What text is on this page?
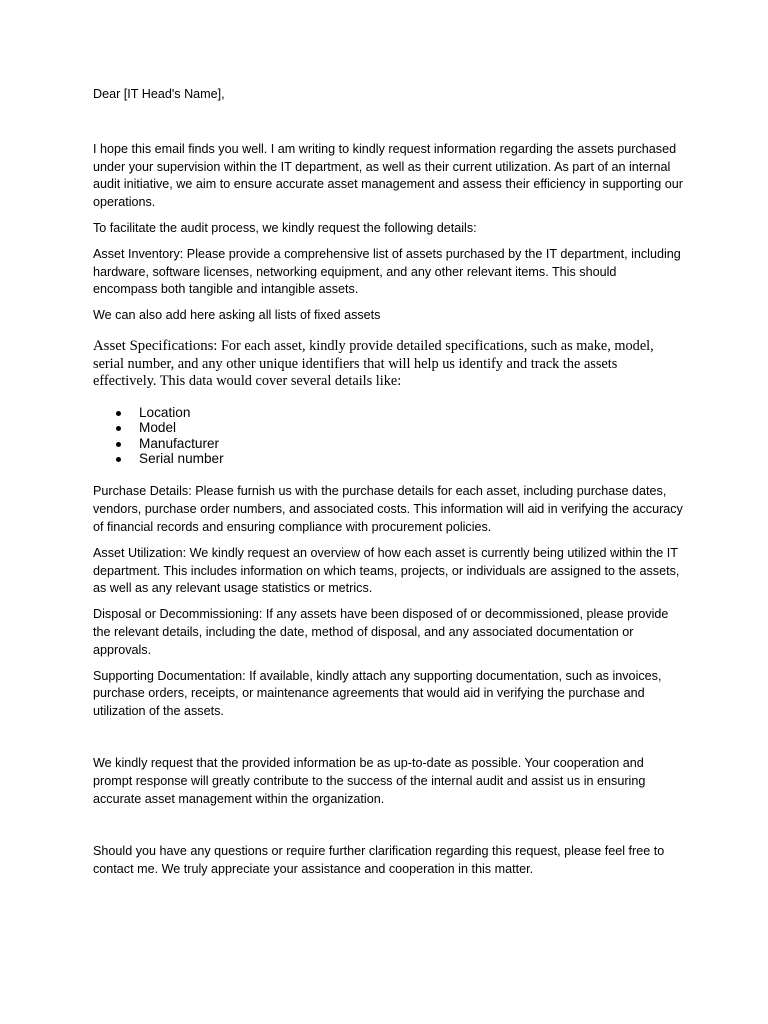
Dear [IT Head's Name],

I hope this email finds you well. I am writing to kindly request information regarding the assets purchased under your supervision within the IT department, as well as their current utilization. As part of an internal audit initiative, we aim to ensure accurate asset management and assess their efficiency in supporting our operations.

To facilitate the audit process, we kindly request the following details:

Asset Inventory: Please provide a comprehensive list of assets purchased by the IT department, including hardware, software licenses, networking equipment, and any other relevant items. This should encompass both tangible and intangible assets.

We can also add here asking all lists of fixed assets

Asset Specifications: For each asset, kindly provide detailed specifications, such as make, model, serial number, and any other unique identifiers that will help us identify and track the assets effectively. This data would cover several details like:

Location
Model
Manufacturer
Serial number

Purchase Details: Please furnish us with the purchase details for each asset, including purchase dates, vendors, purchase order numbers, and associated costs. This information will aid in verifying the accuracy of financial records and ensuring compliance with procurement policies.

Asset Utilization: We kindly request an overview of how each asset is currently being utilized within the IT department. This includes information on which teams, projects, or individuals are assigned to the assets, as well as any relevant usage statistics or metrics.

Disposal or Decommissioning: If any assets have been disposed of or decommissioned, please provide the relevant details, including the date, method of disposal, and any associated documentation or approvals.

Supporting Documentation: If available, kindly attach any supporting documentation, such as invoices, purchase orders, receipts, or maintenance agreements that would aid in verifying the purchase and utilization of the assets.

We kindly request that the provided information be as up-to-date as possible. Your cooperation and prompt response will greatly contribute to the success of the internal audit and assist us in ensuring accurate asset management within the organization.

Should you have any questions or require further clarification regarding this request, please feel free to contact me. We truly appreciate your assistance and cooperation in this matter.
